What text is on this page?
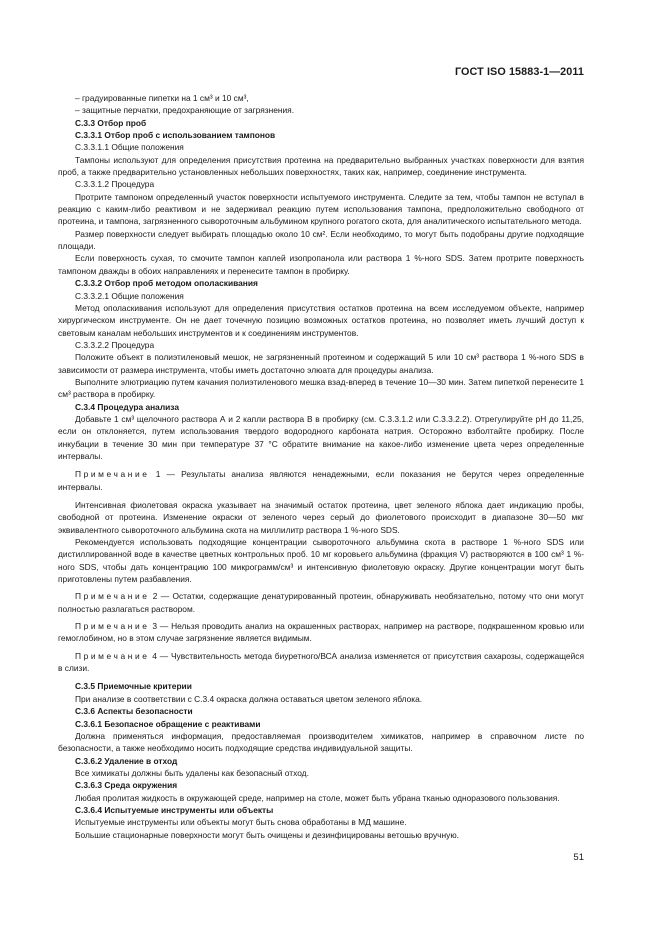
ГОСТ ISO 15883-1—2011

– градуированные пипетки на 1 см³ и 10 см³,

– защитные перчатки, предохраняющие от загрязнения.

С.3.3 Отбор проб

С.3.3.1 Отбор проб с использованием тампонов

С.3.3.1.1 Общие положения

Тампоны используют для определения присутствия протеина на предварительно выбранных участках поверхности для взятия проб, а также предварительно установленных небольших поверхностях, таких как, например, соединение инструмента.

С.3.3.1.2 Процедура

Протрите тампоном определенный участок поверхности испытуемого инструмента. Следите за тем, чтобы тампон не вступал в реакцию с каким-либо реактивом и не задерживал реакцию путем использования тампона, предположительно свободного от протеина, и тампона, загрязненного сывороточным альбумином крупного рогатого скота, для аналитического испытательного метода.

Размер поверхности следует выбирать площадью около 10 см². Если необходимо, то могут быть подобраны другие подходящие площади.

Если поверхность сухая, то смочите тампон каплей изопропанола или раствора 1 %-ного SDS. Затем протрите поверхность тампоном дважды в обоих направлениях и перенесите тампон в пробирку.

С.3.3.2 Отбор проб методом ополаскивания

С.3.3.2.1 Общие положения

Метод ополаскивания используют для определения присутствия остатков протеина на всем исследуемом объекте, например хирургическом инструменте. Он не дает точечную позицию возможных остатков протеина, но позволяет иметь лучший доступ к световым каналам небольших инструментов и к соединениям инструментов.

С.3.3.2.2 Процедура

Положите объект в полиэтиленовый мешок, не загрязненный протеином и содержащий 5 или 10 см³ раствора 1 %-ного SDS в зависимости от размера инструмента, чтобы иметь достаточно элюата для процедуры анализа.

Выполните элютриацию путем качания полиэтиленового мешка взад-вперед в течение 10—30 мин. Затем пипеткой перенесите 1 см³ раствора в пробирку.

С.3.4 Процедура анализа

Добавьте 1 см³ щелочного раствора А и 2 капли раствора В в пробирку (см. С.3.3.1.2 или С.3.3.2.2). Отрегулируйте pH до 11,25, если он отклоняется, путем использования твердого водородного карбоната натрия. Осторожно взболтайте пробирку. После инкубации в течение 30 мин при температуре 37 °С обратите внимание на какое-либо изменение цвета через определенные интервалы.

Примечание 1 — Результаты анализа являются ненадежными, если показания не берутся через определенные интервалы.

Интенсивная фиолетовая окраска указывает на значимый остаток протеина, цвет зеленого яблока дает индикацию пробы, свободной от протеина. Изменение окраски от зеленого через серый до фиолетового происходит в диапазоне 30—50 мкг эквивалентного сывороточного альбумина скота на миллилитр раствора 1 %-ного SDS.

Рекомендуется использовать подходящие концентрации сывороточного альбумина скота в растворе 1 %-ного SDS или дистиллированной воде в качестве цветных контрольных проб. 10 мг коровьего альбумина (фракция V) растворяются в 100 см³ 1 %-ного SDS, чтобы дать концентрацию 100 микрограмм/см³ и интенсивную фиолетовую окраску. Другие концентрации могут быть приготовлены путем разбавления.

Примечание 2 — Остатки, содержащие денатурированный протеин, обнаруживать необязательно, потому что они могут полностью разлагаться раствором.

Примечание 3 — Нельзя проводить анализ на окрашенных растворах, например на растворе, подкрашенном кровью или гемоглобином, но в этом случае загрязнение является видимым.

Примечание 4 — Чувствительность метода биуретного/ВСА анализа изменяется от присутствия сахарозы, содержащейся в слизи.

С.3.5 Приемочные критерии

При анализе в соответствии с С.3.4 окраска должна оставаться цветом зеленого яблока.

С.3.6 Аспекты безопасности

С.3.6.1 Безопасное обращение с реактивами

Должна применяться информация, предоставляемая производителем химикатов, например в справочном листе по безопасности, а также необходимо носить подходящие средства индивидуальной защиты.

С.3.6.2 Удаление в отход

Все химикаты должны быть удалены как безопасный отход.

С.3.6.3 Среда окружения

Любая пролитая жидкость в окружающей среде, например на столе, может быть убрана тканью одноразового пользования.

С.3.6.4 Испытуемые инструменты или объекты

Испытуемые инструменты или объекты могут быть снова обработаны в МД машине.

Большие стационарные поверхности могут быть очищены и дезинфицированы ветошью вручную.

51
